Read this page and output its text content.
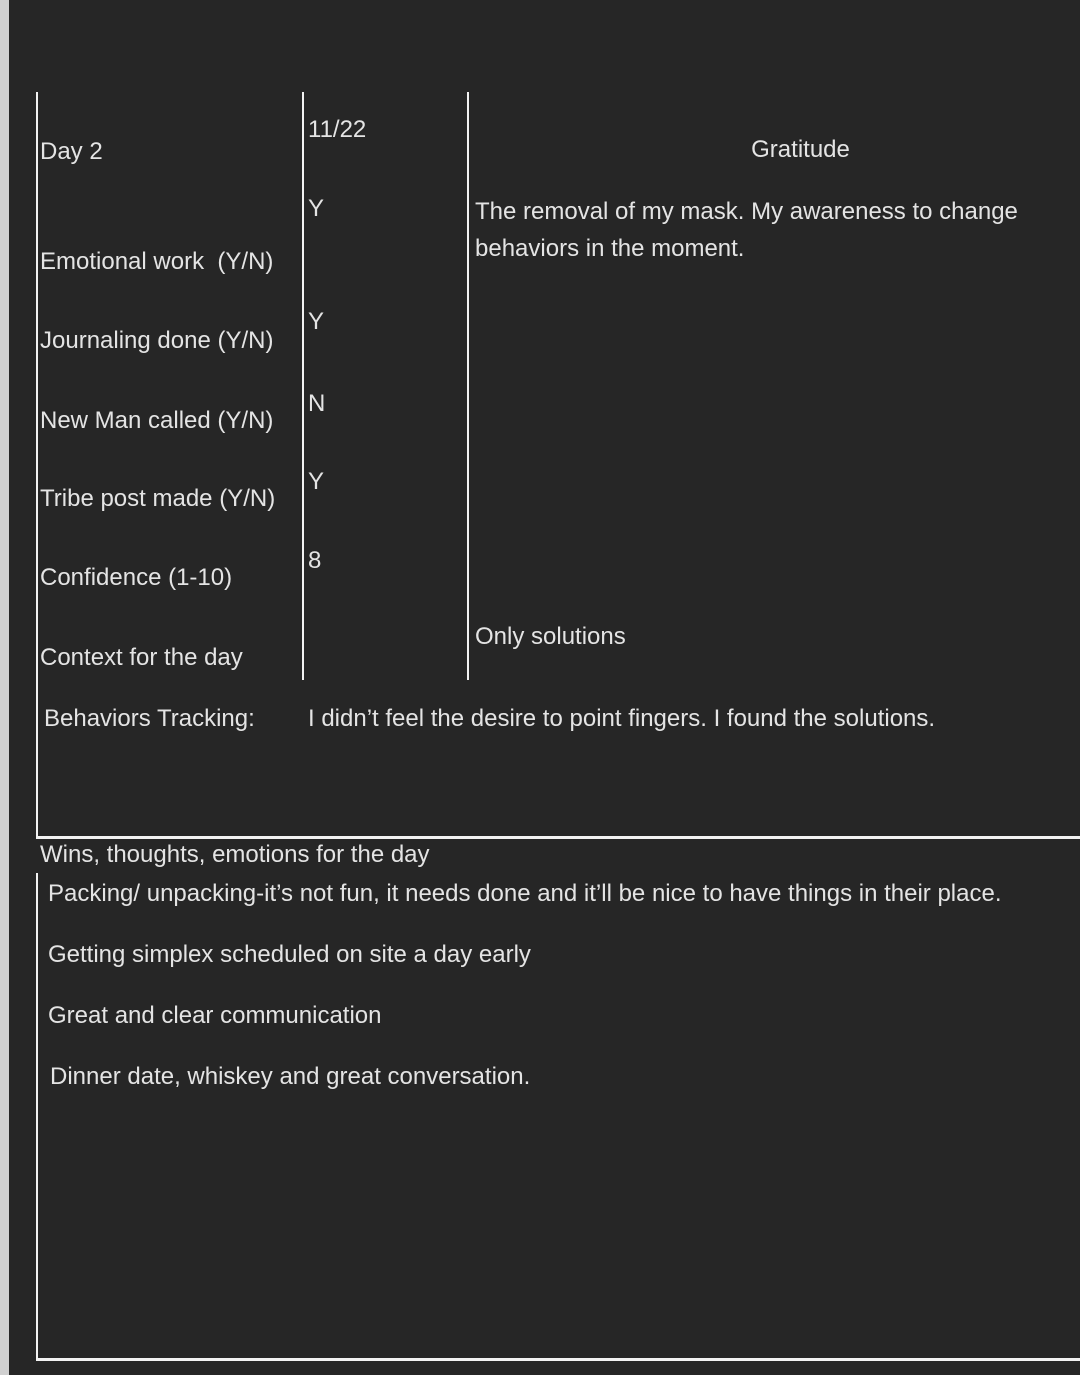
Day 2
Emotional work  (Y/N)
Journaling done (Y/N)
New Man called (Y/N)
Tribe post made (Y/N)
Confidence (1-10)
Context for the day
Behaviors Tracking:
11/22
Y
Y
N
Y
8
Gratitude
The removal of my mask. My awareness to change behaviors in the moment.
Only solutions
I didn’t feel the desire to point fingers. I found the solutions.
Wins, thoughts, emotions for the day
Packing/ unpacking-it’s not fun, it needs done and it’ll be nice to have things in their place.
Getting simplex scheduled on site a day early
Great and clear communication
Dinner date, whiskey and great conversation.
